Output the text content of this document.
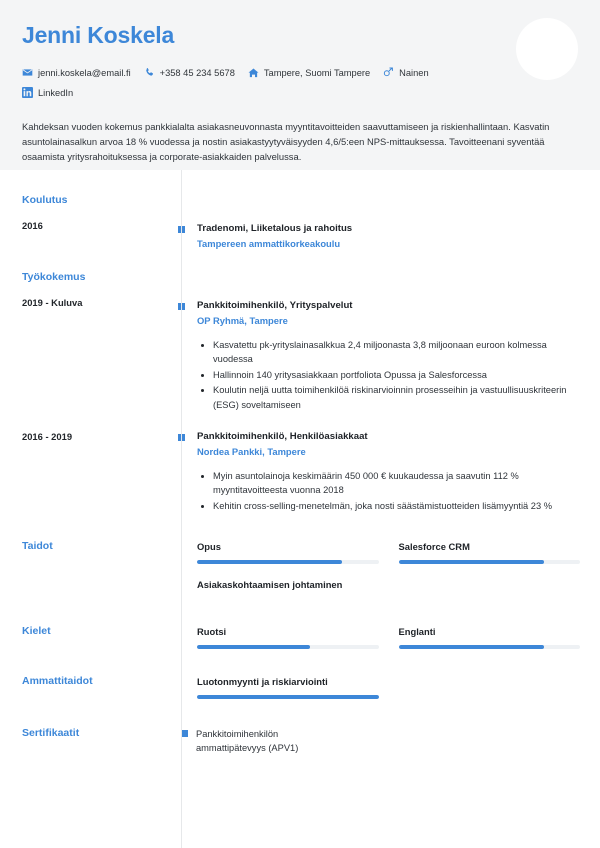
Jenni Koskela
jenni.koskela@email.fi	+358 45 234 5678	Tampere, Suomi Tampere	Nainen
LinkedIn
Kahdeksan vuoden kokemus pankkialalta asiakasneuvonnasta myyntitavoitteiden saavuttamiseen ja riskienhallintaan. Kasvatin asuntolainasalkun arvoa 18 % vuodessa ja nostin asiakastyytyväisyyden 4,6/5:een NPS-mittauksessa. Tavoitteenani syventää osaamista yritysrahoituksessa ja corporate-asiakkaiden palvelussa.
Koulutus
2016	Tradenomi, Liiketalous ja rahoitus
Tampereen ammattikorkeakoulu
Työkokemus
2019 - Kuluva	Pankkitoimihenkilö, Yrityspalvelut
OP Ryhmä, Tampere
Kasvatettu pk-yrityslainasalkkua 2,4 miljoonasta 3,8 miljoonaan euroon kolmessa vuodessa
Hallinnoin 140 yritysasiakkaan portfoliota Opussa ja Salesforcessa
Koulutin neljä uutta toimihenkilöä riskinarvioinnin prosesseihin ja vastuullisuuskriteerin (ESG) soveltamiseen
2016 - 2019	Pankkitoimihenkilö, Henkilöasiakkaat
Nordea Pankki, Tampere
Myin asuntolainoja keskimäärin 450 000 € kuukaudessa ja saavutin 112 % myyntitavoitteesta vuonna 2018
Kehitin cross-selling-menetelmän, joka nosti säästämistuotteiden lisämyyntiä 23 %
Taidot	Opus	Salesforce CRM
Asiakaskohtaamisen johtaminen
Kielet	Ruotsi	Englanti
Ammattitaidot	Luotonmyynti ja riskiarviointi
Sertifikaatit	Pankkitoimihenkilön ammattipätevyys (APV1)
